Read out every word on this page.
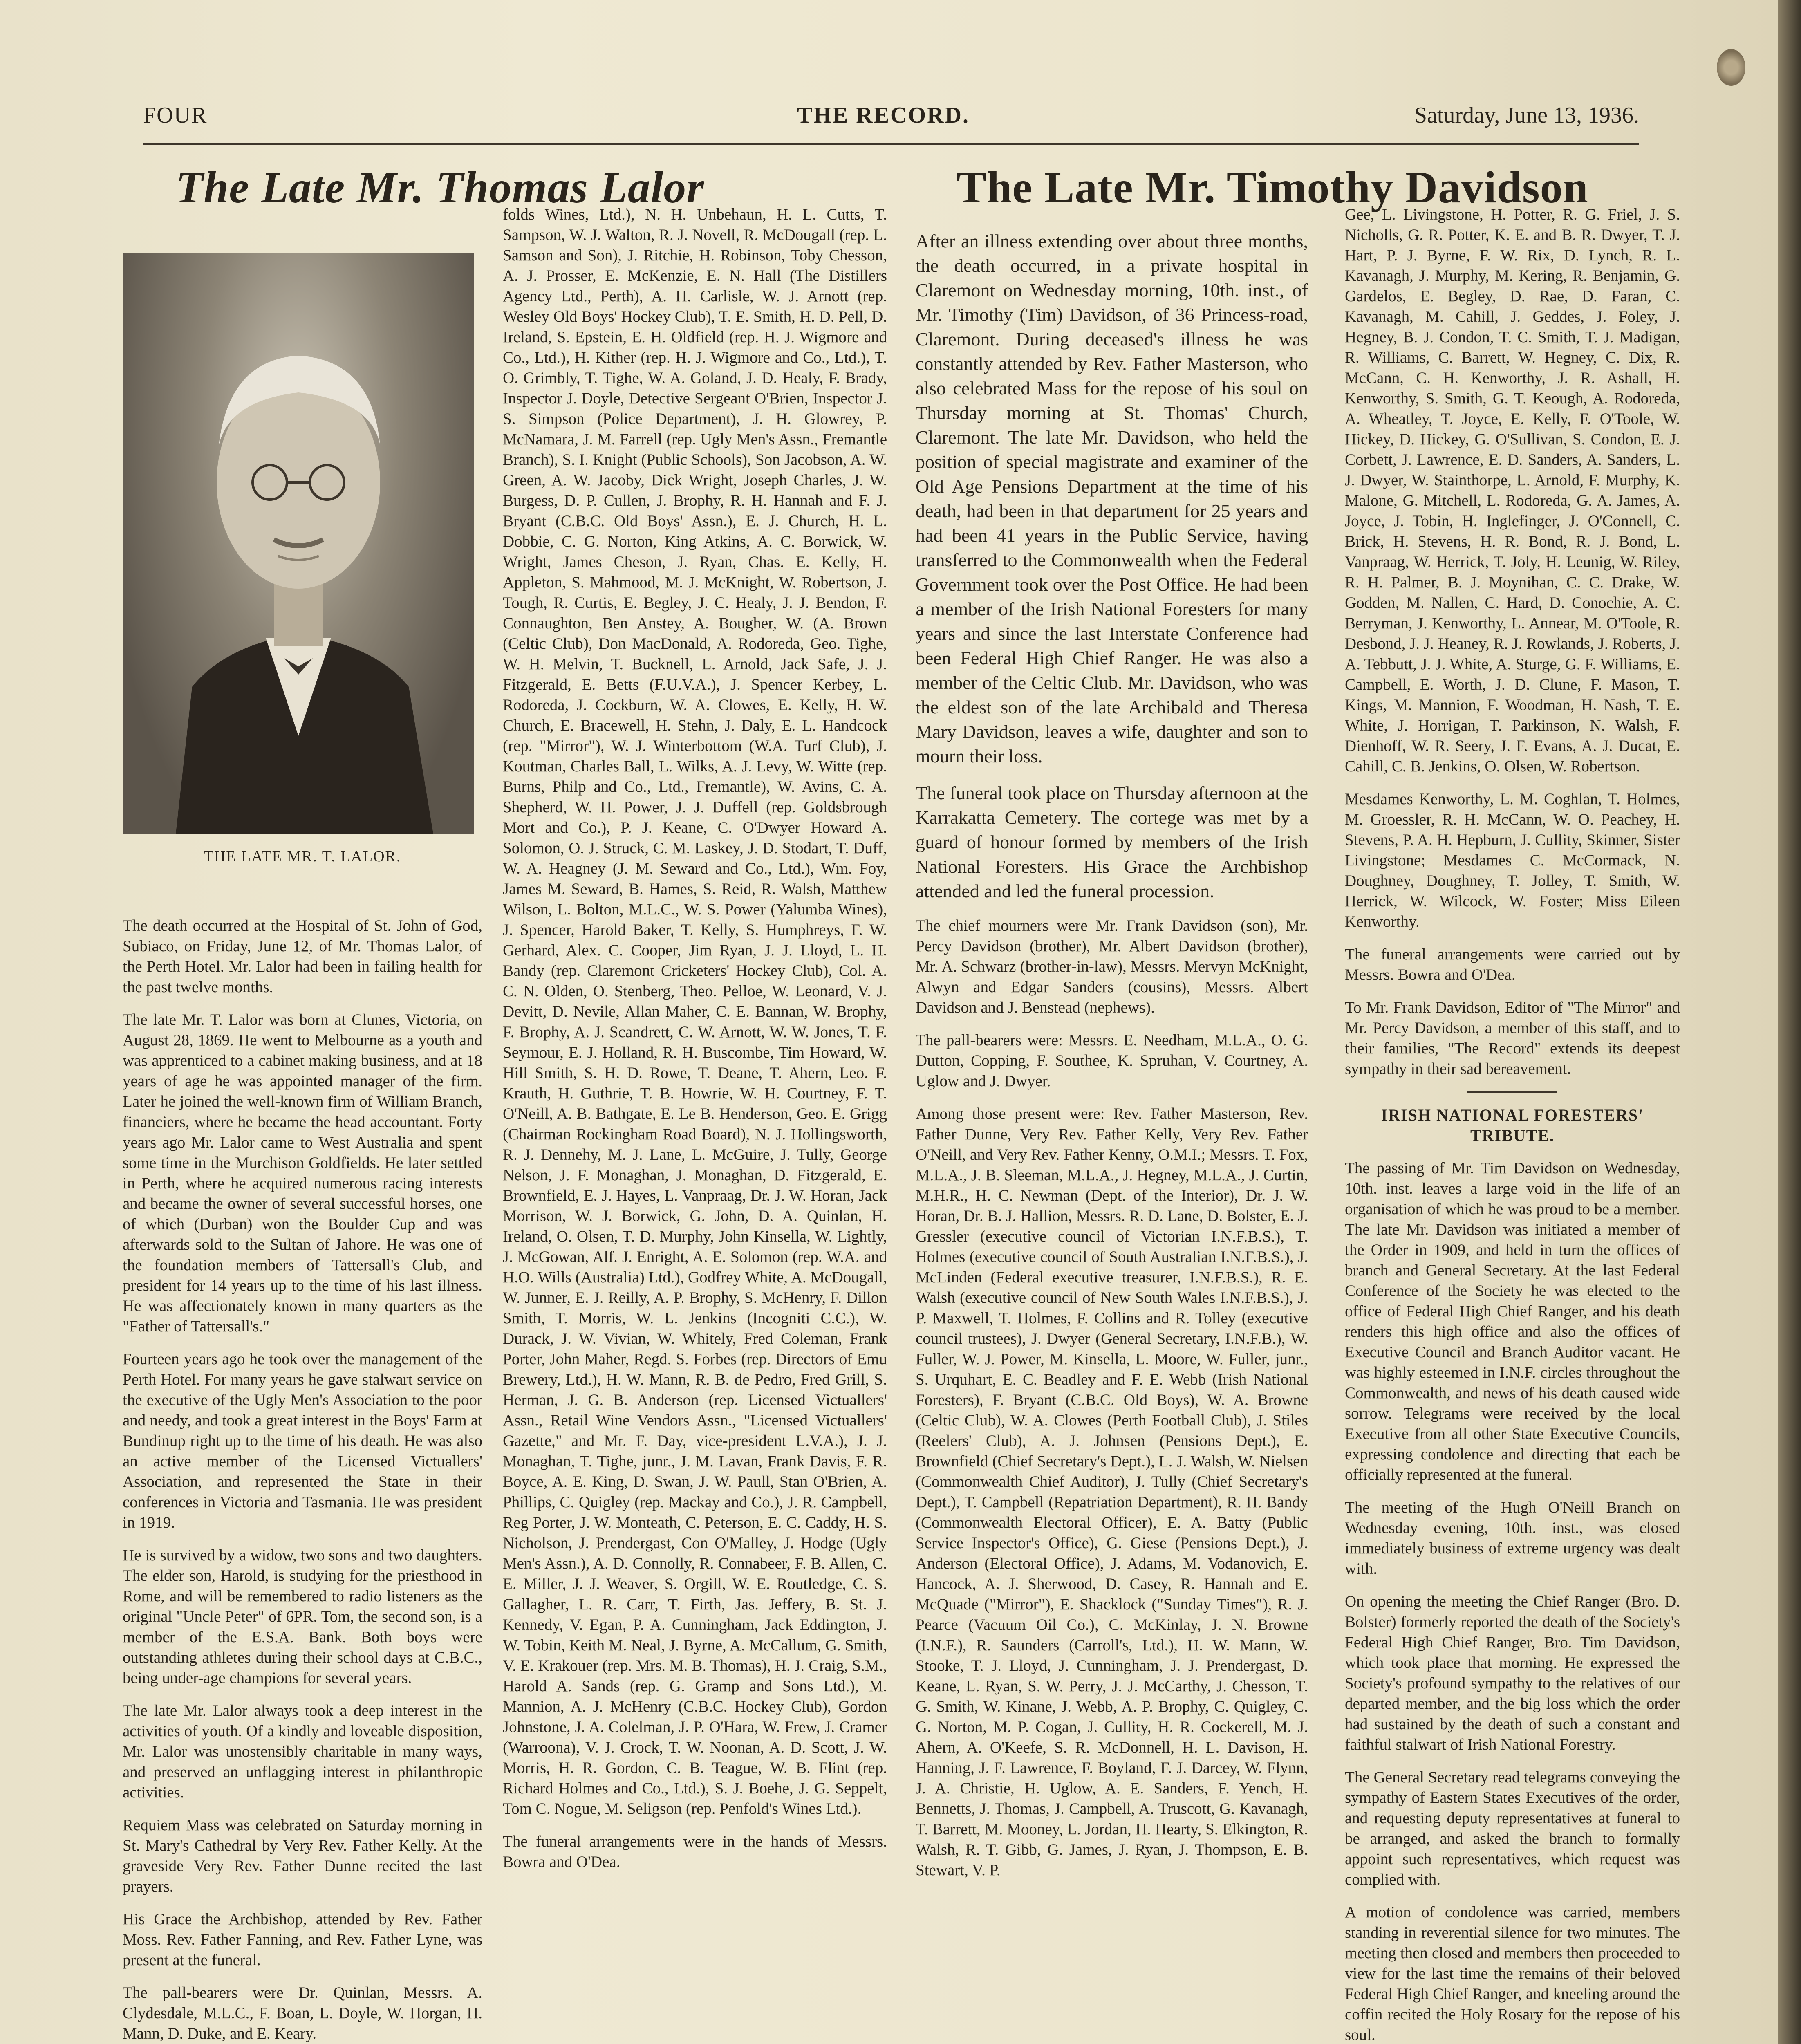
FOUR	THE RECORD.	Saturday, June 13, 1936.
The Late Mr. Thomas Lalor	The Late Mr. Timothy Davidson
THE LATE MR. T. LALOR.

The death occurred at the Hospital of St. John of God, Subiaco, on Friday, June 12, of Mr. Thomas Lalor, of the Perth Hotel. Mr. Lalor had been in failing health for the past twelve months.

The late Mr. T. Lalor was born at Clunes, Victoria, on August 28, 1869. He went to Melbourne as a youth and was apprenticed to a cabinet making business, and at 18 years of age he was appointed manager of the firm. Later he joined the well-known firm of William Branch, financiers, where he became the head accountant. Forty years ago Mr. Lalor came to West Australia and spent some time in the Murchison Goldfields. He later settled in Perth, where he acquired numerous racing interests and became the owner of several successful horses, one of which (Durban) won the Boulder Cup and was afterwards sold to the Sultan of Jahore. He was one of the foundation members of Tattersall's Club, and president for 14 years up to the time of his last illness. He was affectionately known in many quarters as the "Father of Tattersall's."

Fourteen years ago he took over the management of the Perth Hotel. For many years he gave stalwart service on the executive of the Ugly Men's Association to the poor and needy, and took a great interest in the Boys' Farm at Bundinup right up to the time of his death. He was also an active member of the Licensed Victuallers' Association, and represented the State in their conferences in Victoria and Tasmania. He was president in 1919.

He is survived by a widow, two sons and two daughters. The elder son, Harold, is studying for the priesthood in Rome, and will be remembered to radio listeners as the original "Uncle Peter" of 6PR. Tom, the second son, is a member of the E.S.A. Bank. Both boys were outstanding athletes during their school days at C.B.C., being under-age champions for several years.

The late Mr. Lalor always took a deep interest in the activities of youth. Of a kindly and loveable disposition, Mr. Lalor was unostensibly charitable in many ways, and preserved an unflagging interest in philanthropic activities.

Requiem Mass was celebrated on Saturday morning in St. Mary's Cathedral by Very Rev. Father Kelly. At the graveside Very Rev. Father Dunne recited the last prayers.

His Grace the Archbishop, attended by Rev. Father Moss. Rev. Father Fanning, and Rev. Father Lyne, was present at the funeral.

The pall-bearers were Dr. Quinlan, Messrs. A. Clydesdale, M.L.C., F. Boan, L. Doyle, W. Horgan, H. Mann, D. Duke, and E. Keary.

folds Wines, Ltd.), N. H. Unbehaun, H. L. Cutts, T. Sampson, W. J. Walton, R. J. Novell, R. McDougall (rep. L. Samson and Son), J. Ritchie, H. Robinson, Toby Chesson, A. J. Prosser, E. McKenzie, E. N. Hall (The Distillers Agency Ltd., Perth), A. H. Carlisle, W. J. Arnott (rep. Wesley Old Boys' Hockey Club), T. E. Smith, H. D. Pell, D. Ireland, S. Epstein, E. H. Oldfield (rep. H. J. Wigmore and Co., Ltd.), H. Kither (rep. H. J. Wigmore and Co., Ltd.), T. O. Grimbly, T. Tighe, W. A. Goland, J. D. Healy, F. Brady, Inspector J. Doyle, Detective Sergeant O'Brien, Inspector J. S. Simpson (Police Department), J. H. Glowrey, P. McNamara, J. M. Farrell (rep. Ugly Men's Assn., Fremantle Branch), S. I. Knight (Public Schools), Son Jacobson, A. W. Green, A. W. Jacoby, Dick Wright, Joseph Charles, J. W. Burgess, D. P. Cullen, J. Brophy, R. H. Hannah and F. J. Bryant (C.B.C. Old Boys' Assn.), E. J. Church, H. L. Dobbie, C. G. Norton, King Atkins, A. C. Borwick, W. Wright, James Cheson, J. Ryan, Chas. E. Kelly, H. Appleton, S. Mahmood, M. J. McKnight, W. Robertson, J. Tough, R. Curtis, E. Begley, J. C. Healy, J. J. Bendon, F. Connaughton, Ben Anstey, A. Bougher, W. (A. Brown (Celtic Club), Don MacDonald, A. Rodoreda, Geo. Tighe, W. H. Melvin, T. Bucknell, L. Arnold, Jack Safe, J. J. Fitzgerald, E. Betts (F.U.V.A.), J. Spencer Kerbey, L. Rodoreda, J. Cockburn, W. A. Clowes, E. Kelly, H. W. Church, E. Bracewell, H. Stehn, J. Daly, E. L. Handcock (rep. "Mirror"), W. J. Winterbottom (W.A. Turf Club), J. Koutman, Charles Ball, L. Wilks, A. J. Levy, W. Witte (rep. Burns, Philp and Co., Ltd., Fremantle), W. Avins, C. A. Shepherd, W. H. Power, J. J. Duffell (rep. Goldsbrough Mort and Co.), P. J. Keane, C. O'Dwyer Howard A. Solomon, O. J. Struck, C. M. Laskey, J. D. Stodart, T. Duff, W. A. Heagney (J. M. Seward and Co., Ltd.), Wm. Foy, James M. Seward, B. Hames, S. Reid, R. Walsh, Matthew Wilson, L. Bolton, M.L.C., W. S. Power (Yalumba Wines), J. Spencer, Harold Baker, T. Kelly, S. Humphreys, F. W. Gerhard, Alex. C. Cooper, Jim Ryan, J. J. Lloyd, L. H. Bandy (rep. Claremont Cricketers' Hockey Club), Col. A. C. N. Olden, O. Stenberg, Theo. Pelloe, W. Leonard, V. J. Devitt, D. Nevile, Allan Maher, C. E. Bannan, W. Brophy, F. Brophy, A. J. Scandrett, C. W. Arnott, W. W. Jones, T. F. Seymour, E. J. Holland, R. H. Buscombe, Tim Howard, W. Hill Smith, S. H. D. Rowe, T. Deane, T. Ahern, Leo. F. Krauth, H. Guthrie, T. B. Howrie, W. H. Courtney, F. T. O'Neill, A. B. Bathgate, E. Le B. Henderson, Geo. E. Grigg (Chairman Rockingham Road Board), N. J. Hollingsworth, R. J. Dennehy, M. J. Lane, L. McGuire, J. Tully, George Nelson, J. F. Monaghan, J. Monaghan, D. Fitzgerald, E. Brownfield, E. J. Hayes, L. Vanpraag, Dr. J. W. Horan, Jack Morrison, W. J. Borwick, G. John, D. A. Quinlan, H. Ireland, O. Olsen, T. D. Murphy, John Kinsella, W. Lightly, J. McGowan, Alf. J. Enright, A. E. Solomon (rep. W.A. and H.O. Wills (Australia) Ltd.), Godfrey White, A. McDougall, W. Junner, E. J. Reilly, A. P. Brophy, S. McHenry, F. Dillon Smith, T. Morris, W. L. Jenkins (Incogniti C.C.), W. Durack, J. W. Vivian, W. Whitely, Fred Coleman, Frank Porter, John Maher, Regd. S. Forbes (rep. Directors of Emu Brewery, Ltd.), H. W. Mann, R. B. de Pedro, Fred Grill, S. Herman, J. G. B. Anderson (rep. Licensed Victuallers' Assn., Retail Wine Vendors Assn., "Licensed Victuallers' Gazette," and Mr. F. Day, vice-president L.V.A.), J. J. Monaghan, T. Tighe, junr., J. M. Lavan, Frank Davis, F. R. Boyce, A. E. King, D. Swan, J. W. Paull, Stan O'Brien, A. Phillips, C. Quigley (rep. Mackay and Co.), J. R. Campbell, Reg Porter, J. W. Monteath, C. Peterson, E. C. Caddy, H. S. Nicholson, J. Prendergast, Con O'Malley, J. Hodge (Ugly Men's Assn.), A. D. Connolly, R. Connabeer, F. B. Allen, C. E. Miller, J. J. Weaver, S. Orgill, W. E. Routledge, C. S. Gallagher, L. R. Carr, T. Firth, Jas. Jeffery, B. St. J. Kennedy, V. Egan, P. A. Cunningham, Jack Eddington, J. W. Tobin, Keith M. Neal, J. Byrne, A. McCallum, G. Smith, V. E. Krakouer (rep. Mrs. M. B. Thomas), H. J. Craig, S.M., Harold A. Sands (rep. G. Gramp and Sons Ltd.), M. Mannion, A. J. McHenry (C.B.C. Hockey Club), Gordon Johnstone, J. A. Colelman, J. P. O'Hara, W. Frew, J. Cramer (Warroona), V. J. Crock, T. W. Noonan, A. D. Scott, J. W. Morris, H. R. Gordon, C. B. Teague, W. B. Flint (rep. Richard Holmes and Co., Ltd.), S. J. Boehe, J. G. Seppelt, Tom C. Nogue, M. Seligson (rep. Penfold's Wines Ltd.).

The funeral arrangements were in the hands of Messrs. Bowra and O'Dea.

After an illness extending over about three months, the death occurred, in a private hospital in Claremont on Wednesday morning, 10th. inst., of Mr. Timothy (Tim) Davidson, of 36 Princess-road, Claremont. During deceased's illness he was constantly attended by Rev. Father Masterson, who also celebrated Mass for the repose of his soul on Thursday morning at St. Thomas' Church, Claremont. The late Mr. Davidson, who held the position of special magistrate and examiner of the Old Age Pensions Department at the time of his death, had been in that department for 25 years and had been 41 years in the Public Service, having transferred to the Commonwealth when the Federal Government took over the Post Office. He had been a member of the Irish National Foresters for many years and since the last Interstate Conference had been Federal High Chief Ranger. He was also a member of the Celtic Club. Mr. Davidson, who was the eldest son of the late Archibald and Theresa Mary Davidson, leaves a wife, daughter and son to mourn their loss.

The funeral took place on Thursday afternoon at the Karrakatta Cemetery. The cortege was met by a guard of honour formed by members of the Irish National Foresters. His Grace the Archbishop attended and led the funeral procession.

The chief mourners were Mr. Frank Davidson (son), Mr. Percy Davidson (brother), Mr. Albert Davidson (brother), Mr. A. Schwarz (brother-in-law), Messrs. Mervyn McKnight, Alwyn and Edgar Sanders (cousins), Messrs. Albert Davidson and J. Benstead (nephews).

The pall-bearers were: Messrs. E. Needham, M.L.A., O. G. Dutton, Copping, F. Southee, K. Spruhan, V. Courtney, A. Uglow and J. Dwyer.

Among those present were: Rev. Father Masterson, Rev. Father Dunne, Very Rev. Father Kelly, Very Rev. Father O'Neill, and Very Rev. Father Kenny, O.M.I.; Messrs. T. Fox, M.L.A., J. B. Sleeman, M.L.A., J. Hegney, M.L.A., J. Curtin, M.H.R., H. C. Newman (Dept. of the Interior), Dr. J. W. Horan, Dr. B. J. Hallion, Messrs. R. D. Lane, D. Bolster, E. J. Gressler (executive council of Victorian I.N.F.B.S.), T. Holmes (executive council of South Australian I.N.F.B.S.), J. McLinden (Federal executive treasurer, I.N.F.B.S.), R. E. Walsh (executive council of New South Wales I.N.F.B.S.), J. P. Maxwell, T. Holmes, F. Collins and R. Tolley (executive council trustees), J. Dwyer (General Secretary, I.N.F.B.), W. Fuller, W. J. Power, M. Kinsella, L. Moore, W. Fuller, junr., S. Urquhart, E. C. Beadley and F. E. Webb (Irish National Foresters), F. Bryant (C.B.C. Old Boys), W. A. Browne (Celtic Club), W. A. Clowes (Perth Football Club), J. Stiles (Reelers' Club), A. J. Johnsen (Pensions Dept.), E. Brownfield (Chief Secretary's Dept.), L. J. Walsh, W. Nielsen (Commonwealth Chief Auditor), J. Tully (Chief Secretary's Dept.), T. Campbell (Repatriation Department), R. H. Bandy (Commonwealth Electoral Officer), E. A. Batty (Public Service Inspector's Office), G. Giese (Pensions Dept.), J. Anderson (Electoral Office), J. Adams, M. Vodanovich, E. Hancock, A. J. Sherwood, D. Casey, R. Hannah and E. McQuade ("Mirror"), E. Shacklock ("Sunday Times"), R. J. Pearce (Vacuum Oil Co.), C. McKinlay, J. N. Browne (I.N.F.), R. Saunders (Carroll's, Ltd.), H. W. Mann, W. Stooke, T. J. Lloyd, J. Cunningham, J. J. Prendergast, D. Keane, L. Ryan, S. W. Perry, J. J. McCarthy, J. Chesson, T. G. Smith, W. Kinane, J. Webb, A. P. Brophy, C. Quigley, C. G. Norton, M. P. Cogan, J. Cullity, H. R. Cockerell, M. J. Ahern, A. O'Keefe, S. R. McDonnell, H. L. Davison, H. Hanning, J. F. Lawrence, F. Boyland, F. J. Darcey, W. Flynn, J. A. Christie, H. Uglow, A. E. Sanders, F. Yench, H. Bennetts, J. Thomas, J. Campbell, A. Truscott, G. Kavanagh, T. Barrett, M. Mooney, L. Jordan, H. Hearty, S. Elkington, R. Walsh, R. T. Gibb, G. James, J. Ryan, J. Thompson, E. B. Stewart, V. P.

Gee, L. Livingstone, H. Potter, R. G. Friel, J. S. Nicholls, G. R. Potter, K. E. and B. R. Dwyer, T. J. Hart, P. J. Byrne, F. W. Rix, D. Lynch, R. L. Kavanagh, J. Murphy, M. Kering, R. Benjamin, G. Gardelos, E. Begley, D. Rae, D. Faran, C. Kavanagh, M. Cahill, J. Geddes, J. Foley, J. Hegney, B. J. Condon, T. C. Smith, T. J. Madigan, R. Williams, C. Barrett, W. Hegney, C. Dix, R. McCann, C. H. Kenworthy, J. R. Ashall, H. Kenworthy, S. Smith, G. T. Keough, A. Rodoreda, A. Wheatley, T. Joyce, E. Kelly, F. O'Toole, W. Hickey, D. Hickey, G. O'Sullivan, S. Condon, E. J. Corbett, J. Lawrence, E. D. Sanders, A. Sanders, L. J. Dwyer, W. Stainthorpe, L. Arnold, F. Murphy, K. Malone, G. Mitchell, L. Rodoreda, G. A. James, A. Joyce, J. Tobin, H. Inglefinger, J. O'Connell, C. Brick, H. Stevens, H. R. Bond, R. J. Bond, L. Vanpraag, W. Herrick, T. Joly, H. Leunig, W. Riley, R. H. Palmer, B. J. Moynihan, C. C. Drake, W. Godden, M. Nallen, C. Hard, D. Conochie, A. C. Berryman, J. Kenworthy, L. Annear, M. O'Toole, R. Desbond, J. J. Heaney, R. J. Rowlands, J. Roberts, J. A. Tebbutt, J. J. White, A. Sturge, G. F. Williams, E. Campbell, E. Worth, J. D. Clune, F. Mason, T. Kings, M. Mannion, F. Woodman, H. Nash, T. E. White, J. Horrigan, T. Parkinson, N. Walsh, F. Dienhoff, W. R. Seery, J. F. Evans, A. J. Ducat, E. Cahill, C. B. Jenkins, O. Olsen, W. Robertson.

Mesdames Kenworthy, L. M. Coghlan, T. Holmes, M. Groessler, R. H. McCann, W. O. Peachey, H. Stevens, P. A. H. Hepburn, J. Cullity, Skinner, Sister Livingstone; Mesdames C. McCormack, N. Doughney, Doughney, T. Jolley, T. Smith, W. Herrick, W. Wilcock, W. Foster; Miss Eileen Kenworthy.

The funeral arrangements were carried out by Messrs. Bowra and O'Dea.

To Mr. Frank Davidson, Editor of "The Mirror" and Mr. Percy Davidson, a member of this staff, and to their families, "The Record" extends its deepest sympathy in their sad bereavement.

IRISH NATIONAL FORESTERS' TRIBUTE.

The passing of Mr. Tim Davidson on Wednesday, 10th. inst. leaves a large void in the life of an organisation of which he was proud to be a member. The late Mr. Davidson was initiated a member of the Order in 1909, and held in turn the offices of branch and General Secretary. At the last Federal Conference of the Society he was elected to the office of Federal High Chief Ranger, and his death renders this high office and also the offices of Executive Council and Branch Auditor vacant. He was highly esteemed in I.N.F. circles throughout the Commonwealth, and news of his death caused wide sorrow. Telegrams were received by the local Executive from all other State Executive Councils, expressing condolence and directing that each be officially represented at the funeral.

The meeting of the Hugh O'Neill Branch on Wednesday evening, 10th. inst., was closed immediately business of extreme urgency was dealt with.

On opening the meeting the Chief Ranger (Bro. D. Bolster) formerly reported the death of the Society's Federal High Chief Ranger, Bro. Tim Davidson, which took place that morning. He expressed the Society's profound sympathy to the relatives of our departed member, and the big loss which the order had sustained by the death of such a constant and faithful stalwart of Irish National Forestry.

The General Secretary read telegrams conveying the sympathy of Eastern States Executives of the order, and requesting deputy representatives at funeral to be arranged, and asked the branch to formally appoint such representatives, which request was complied with.

A motion of condolence was carried, members standing in reverential silence for two minutes. The meeting then closed and members then proceeded to view for the last time the remains of their beloved Federal High Chief Ranger, and kneeling around the coffin recited the Holy Rosary for the repose of his soul.
